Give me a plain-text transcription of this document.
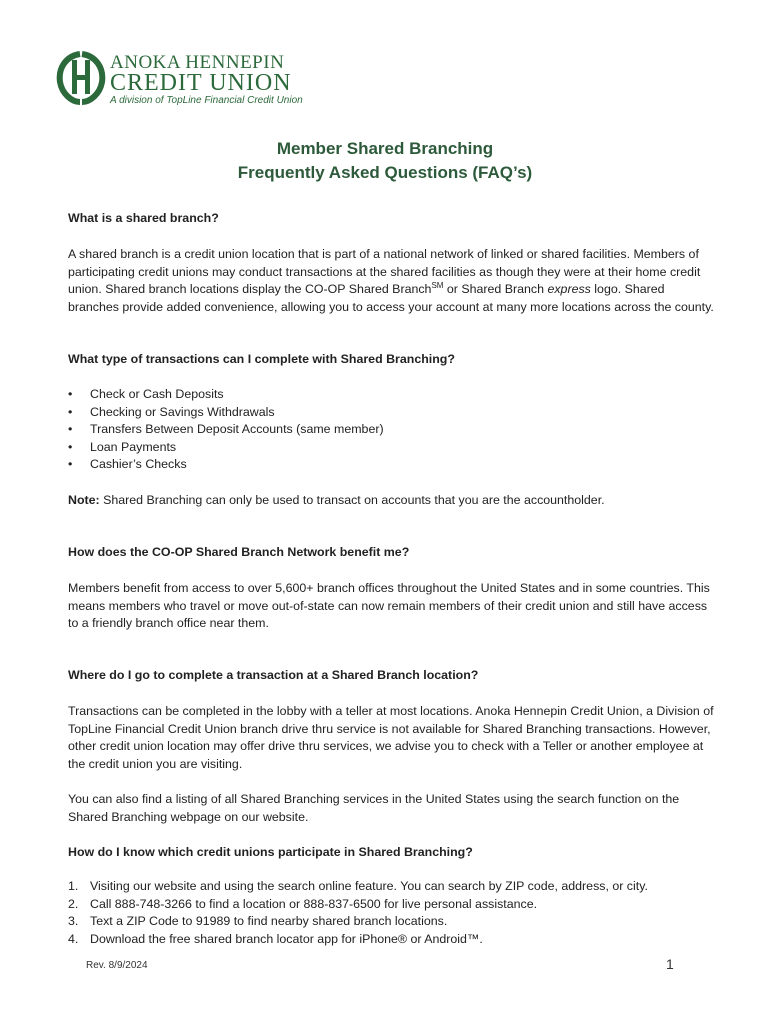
ANOKA HENNEPIN
CREDIT UNION
A division of TopLine Financial Credit Union
Member Shared Branching
Frequently Asked Questions (FAQ’s)
What is a shared branch?
A shared branch is a credit union location that is part of a national network of linked or shared facilities. Members of participating credit unions may conduct transactions at the shared facilities as though they were at their home credit union. Shared branch locations display the CO-OP Shared Branch℠ or Shared Branch express logo. Shared branches provide added convenience, allowing you to access your account at many more locations across the county.
What type of transactions can I complete with Shared Branching?
• Check or Cash Deposits
• Checking or Savings Withdrawals
• Transfers Between Deposit Accounts (same member)
• Loan Payments
• Cashier’s Checks
Note: Shared Branching can only be used to transact on accounts that you are the accountholder.
How does the CO-OP Shared Branch Network benefit me?
Members benefit from access to over 5,600+ branch offices throughout the United States and in some countries. This means members who travel or move out-of-state can now remain members of their credit union and still have access to a friendly branch office near them.
Where do I go to complete a transaction at a Shared Branch location?
Transactions can be completed in the lobby with a teller at most locations. Anoka Hennepin Credit Union, a Division of TopLine Financial Credit Union branch drive thru service is not available for Shared Branching transactions. However, other credit union location may offer drive thru services, we advise you to check with a Teller or another employee at the credit union you are visiting.
You can also find a listing of all Shared Branching services in the United States using the search function on the Shared Branching webpage on our website.
How do I know which credit unions participate in Shared Branching?
1. Visiting our website and using the search online feature. You can search by ZIP code, address, or city.
2. Call 888-748-3266 to find a location or 888-837-6500 for live personal assistance.
3. Text a ZIP Code to 91989 to find nearby shared branch locations.
4. Download the free shared branch locator app for iPhone® or Android™.
Rev. 8/9/2024	1
